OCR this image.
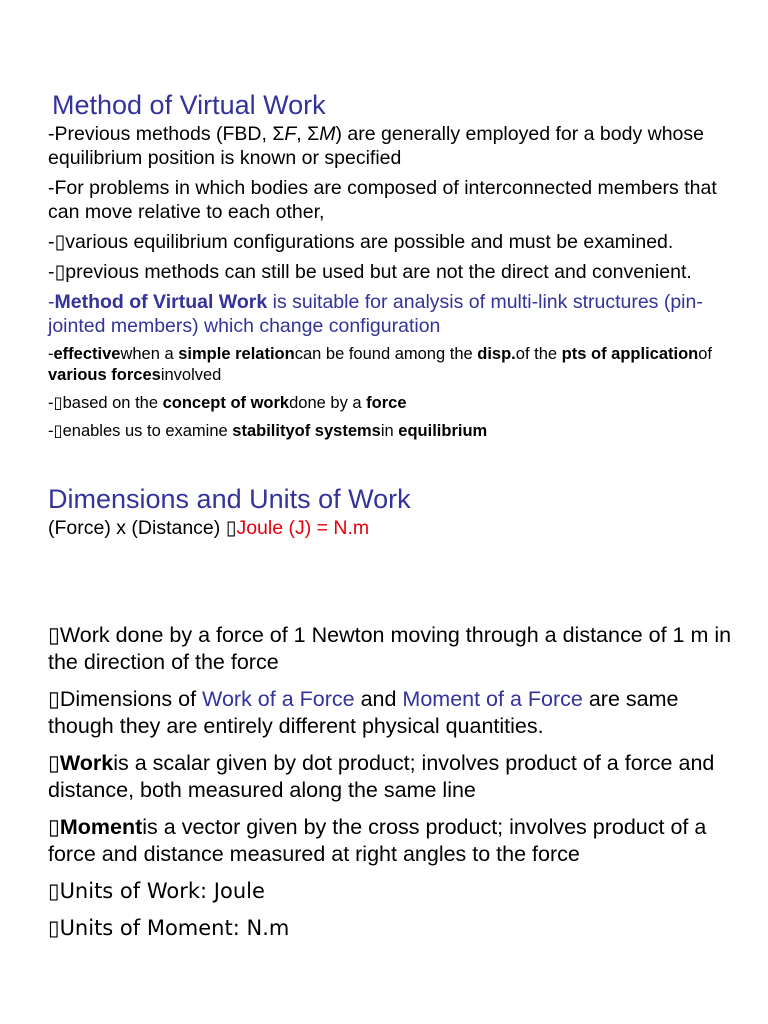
Method of Virtual Work
-Previous methods (FBD, ΣF, ΣM) are generally employed for a body whose equilibrium position is known or specified
-For problems in which bodies are composed of interconnected members that can move relative to each other,
-▯various equilibrium configurations are possible and must be examined.
-▯previous methods can still be used but are not the direct and convenient.
-Method of Virtual Work is suitable for analysis of multi-link structures (pin-jointed members) which change configuration
-effectivewhen a simple relationcan be found among the disp.of the pts of applicationof various forcesinvolved
-▯based on the concept of workdone by a force
-▯enables us to examine stabilityof systemsin equilibrium
Dimensions and Units of Work
(Force) x (Distance) ▯Joule (J) = N.m
▯Work done by a force of 1 Newton moving through a distance of 1 m in the direction of the force
▯Dimensions of Work of a Force and Moment of a Force are same though they are entirely different physical quantities.
▯Workis a scalar given by dot product; involves product of a force and distance, both measured along the same line
▯Momentis a vector given by the cross product; involves product of a force and distance measured at right angles to the force
▯Units of Work: Joule
▯Units of Moment: N.m
